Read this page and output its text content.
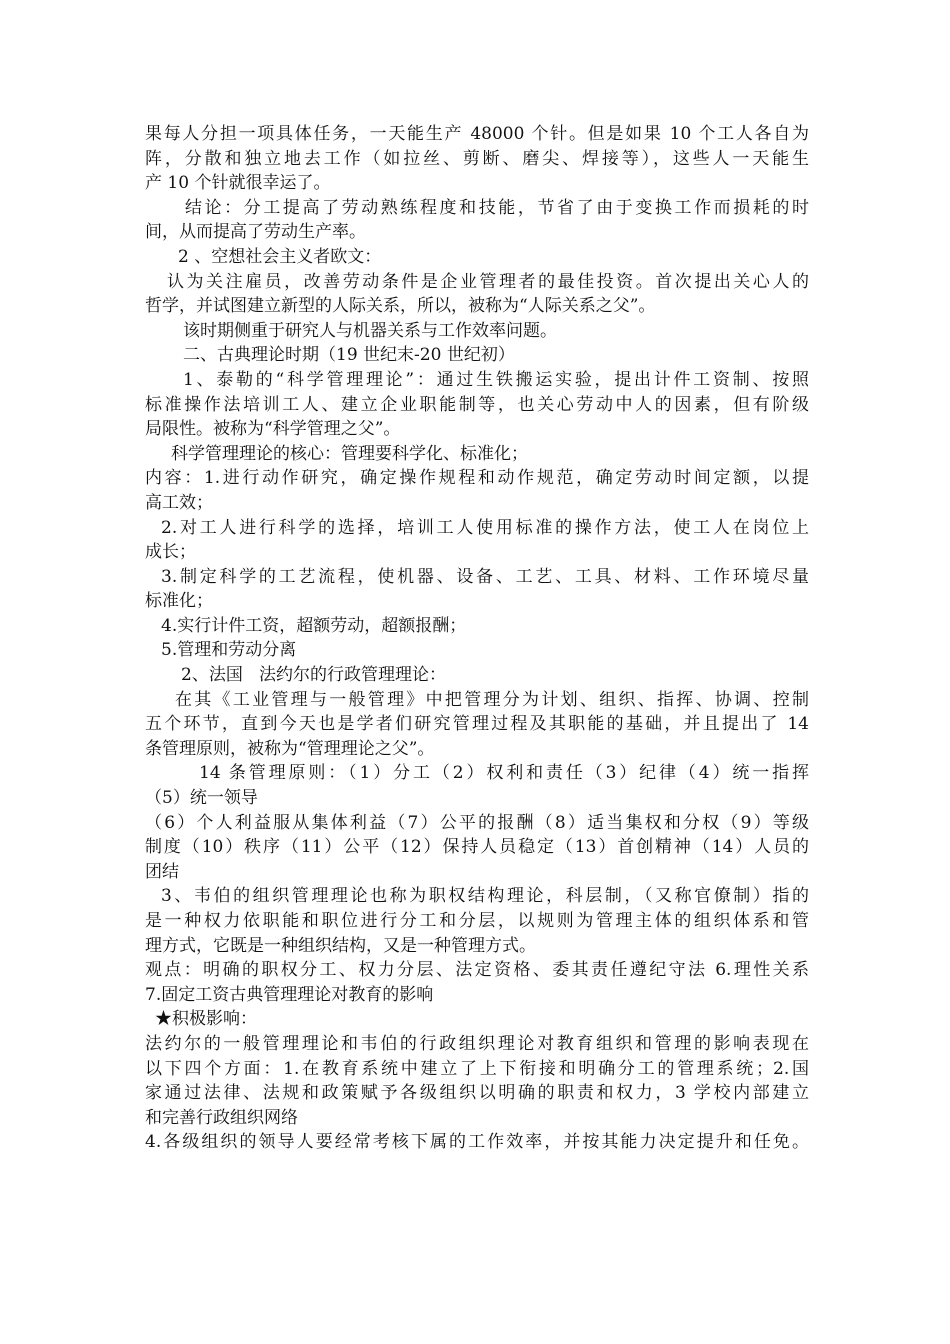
果每人分担一项具体任务，一天能生产 48000 个针。但是如果 10 个工人各自为
阵，分散和独立地去工作（如拉丝、剪断、磨尖、焊接等），这些人一天能生
产 10 个针就很幸运了。
结论：分工提高了劳动熟练程度和技能，节省了由于变换工作而损耗的时
间，从而提高了劳动生产率。
2 、空想社会主义者欧文：
认为关注雇员，改善劳动条件是企业管理者的最佳投资。首次提出关心人的
哲学，并试图建立新型的人际关系，所以，被称为“人际关系之父”。
该时期侧重于研究人与机器关系与工作效率问题。
二、古典理论时期（19 世纪末-20 世纪初）
1、泰勒的“科学管理理论”：通过生铁搬运实验，提出计件工资制、按照
标准操作法培训工人、建立企业职能制等，也关心劳动中人的因素，但有阶级
局限性。被称为“科学管理之父”。
科学管理理论的核心：管理要科学化、标准化；
内容：1.进行动作研究，确定操作规程和动作规范，确定劳动时间定额，以提
高工效；
2.对工人进行科学的选择，培训工人使用标准的操作方法，使工人在岗位上
成长；
3.制定科学的工艺流程，使机器、设备、工艺、工具、材料、工作环境尽量
标准化；
4.实行计件工资，超额劳动，超额报酬；
5.管理和劳动分离
2、法国   法约尔的行政管理理论：
在其《工业管理与一般管理》中把管理分为计划、组织、指挥、协调、控制
五个环节，直到今天也是学者们研究管理过程及其职能的基础，并且提出了 14
条管理原则，被称为“管理理论之父”。
14 条管理原则：（1）分工（2）权利和责任（3）纪律（4）统一指挥
（5）统一领导
（6）个人利益服从集体利益（7）公平的报酬（8）适当集权和分权（9）等级
制度（10）秩序（11）公平（12）保持人员稳定（13）首创精神（14）人员的
团结
3、韦伯的组织管理理论也称为职权结构理论，科层制，（又称官僚制）指的
是一种权力依职能和职位进行分工和分层，以规则为管理主体的组织体系和管
理方式，它既是一种组织结构，又是一种管理方式。
观点：明确的职权分工、权力分层、法定资格、委其责任遵纪守法 6.理性关系
7.固定工资古典管理理论对教育的影响
★积极影响：
法约尔的一般管理理论和韦伯的行政组织理论对教育组织和管理的影响表现在
以下四个方面：1.在教育系统中建立了上下衔接和明确分工的管理系统；2.国
家通过法律、法规和政策赋予各级组织以明确的职责和权力，3 学校内部建立
和完善行政组织网络
4.各级组织的领导人要经常考核下属的工作效率，并按其能力决定提升和任免。
